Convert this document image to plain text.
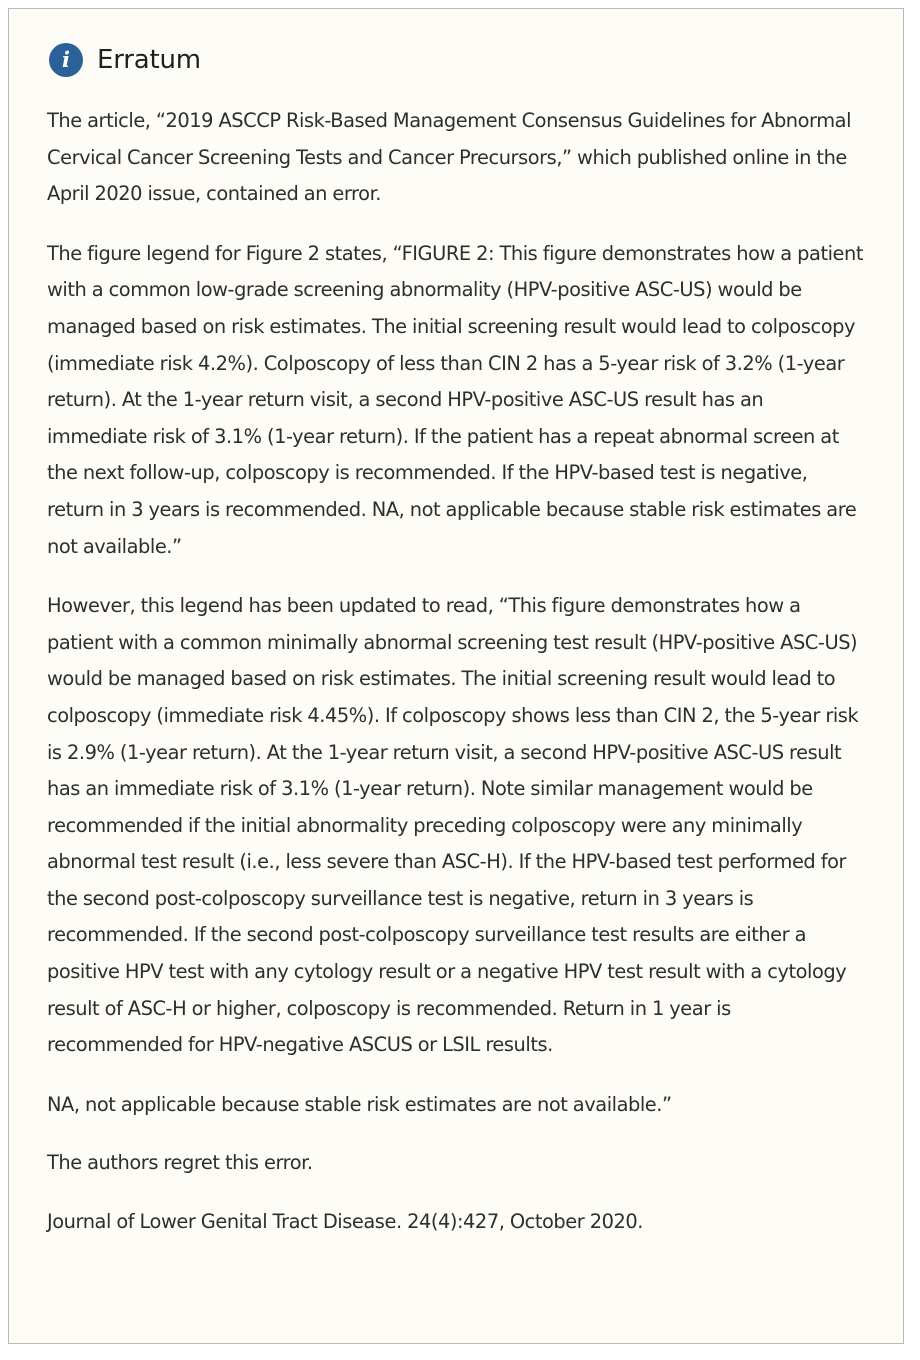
i Erratum

The article, “2019 ASCCP Risk-Based Management Consensus Guidelines for Abnormal Cervical Cancer Screening Tests and Cancer Precursors,” which published online in the April 2020 issue, contained an error.

The figure legend for Figure 2 states, “FIGURE 2: This figure demonstrates how a patient with a common low-grade screening abnormality (HPV-positive ASC-US) would be managed based on risk estimates. The initial screening result would lead to colposcopy (immediate risk 4.2%). Colposcopy of less than CIN 2 has a 5-year risk of 3.2% (1-year return). At the 1-year return visit, a second HPV-positive ASC-US result has an immediate risk of 3.1% (1-year return). If the patient has a repeat abnormal screen at the next follow-up, colposcopy is recommended. If the HPV-based test is negative, return in 3 years is recommended. NA, not applicable because stable risk estimates are not available.”

However, this legend has been updated to read, “This figure demonstrates how a patient with a common minimally abnormal screening test result (HPV-positive ASC-US) would be managed based on risk estimates. The initial screening result would lead to colposcopy (immediate risk 4.45%). If colposcopy shows less than CIN 2, the 5-year risk is 2.9% (1-year return). At the 1-year return visit, a second HPV-positive ASC-US result has an immediate risk of 3.1% (1-year return). Note similar management would be recommended if the initial abnormality preceding colposcopy were any minimally abnormal test result (i.e., less severe than ASC-H). If the HPV-based test performed for the second post-colposcopy surveillance test is negative, return in 3 years is recommended. If the second post-colposcopy surveillance test results are either a positive HPV test with any cytology result or a negative HPV test result with a cytology result of ASC-H or higher, colposcopy is recommended. Return in 1 year is recommended for HPV-negative ASCUS or LSIL results.

NA, not applicable because stable risk estimates are not available.”

The authors regret this error.

Journal of Lower Genital Tract Disease. 24(4):427, October 2020.
